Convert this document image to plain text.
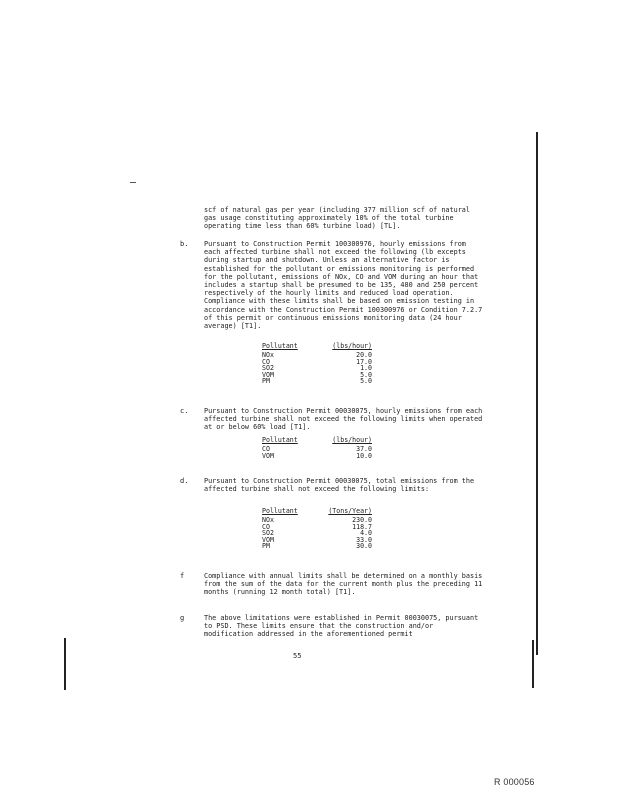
scf of natural gas per year (including 377 million scf of natural gas usage constituting approximately 10% of the total turbine operating time less than 60% turbine load) [TL].
b. Pursuant to Construction Permit 100300976, hourly emissions from each affected turbine shall not exceed the following (lb excepts during startup and shutdown. Unless an alternative factor is established for the pollutant or emissions monitoring is performed for the pollutant, emissions of NOx, CO and VOM during an hour that includes a startup shall be presumed to be 135, 480 and 250 percent respectively of the hourly limits and reduced load operation. Compliance with these limits shall be based on emission testing in accordance with the Construction Permit 100300976 or Condition 7.2.7 of this permit or continuous emissions monitoring data (24 hour average) [T1].
Pollutant	(lbs/hour)
NOx	20.0
CO	17.0
SO2	1.0
VOM	5.0
PM	5.0
c. Pursuant to Construction Permit 00030075, hourly emissions from each affected turbine shall not exceed the following limits when operated at or below 60% load [T1].
Pollutant	(lbs/hour)
CO	37.0
VOM	10.0
d. Pursuant to Construction Permit 00030075, total emissions from the affected turbine shall not exceed the following limits:
Pollutant	(Tons/Year)
NOx	230.0
CO	118.7
SO2	4.0
VOM	33.0
PM	30.0
f	Compliance with annual limits shall be determined on a monthly basis from the sum of the data for the current month plus the preceding 11 months (running 12 month total) [T1].
g	The above limitations were established in Permit 00030075, pursuant to PSD. These limits ensure that the construction and/or modification addressed in the aforementioned permit
55
R 000056
